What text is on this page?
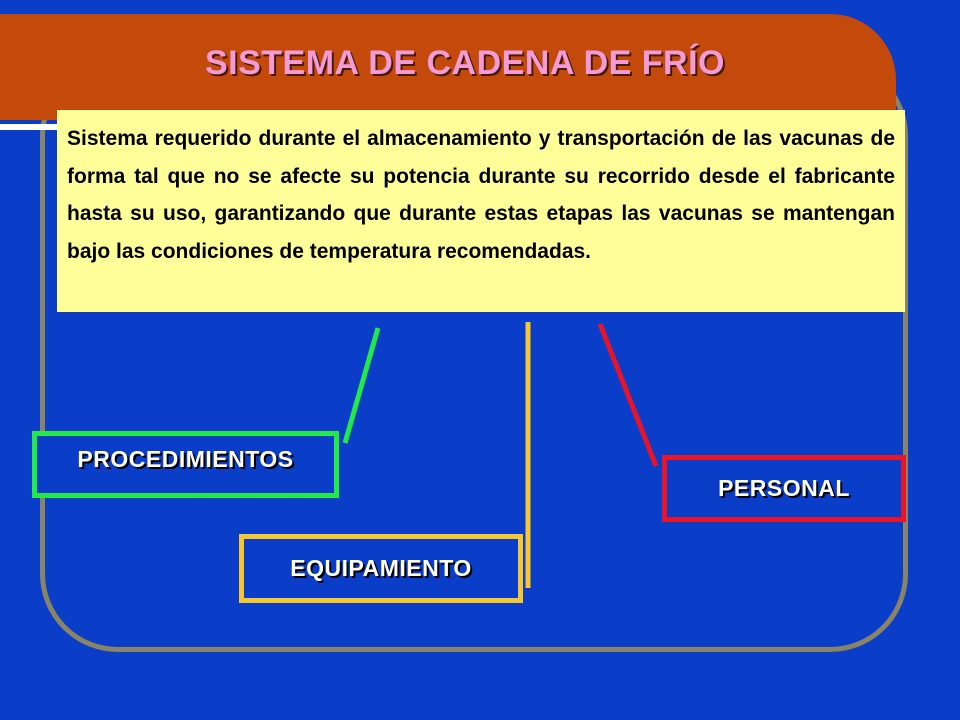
SISTEMA DE CADENA DE FRÍO
Sistema requerido durante el almacenamiento y transportación de las vacunas de forma tal que no se afecte su potencia durante su recorrido desde el fabricante hasta su uso, garantizando que durante estas etapas las vacunas se mantengan bajo las condiciones de temperatura recomendadas.
PROCEDIMIENTOS
EQUIPAMIENTO
PERSONAL
